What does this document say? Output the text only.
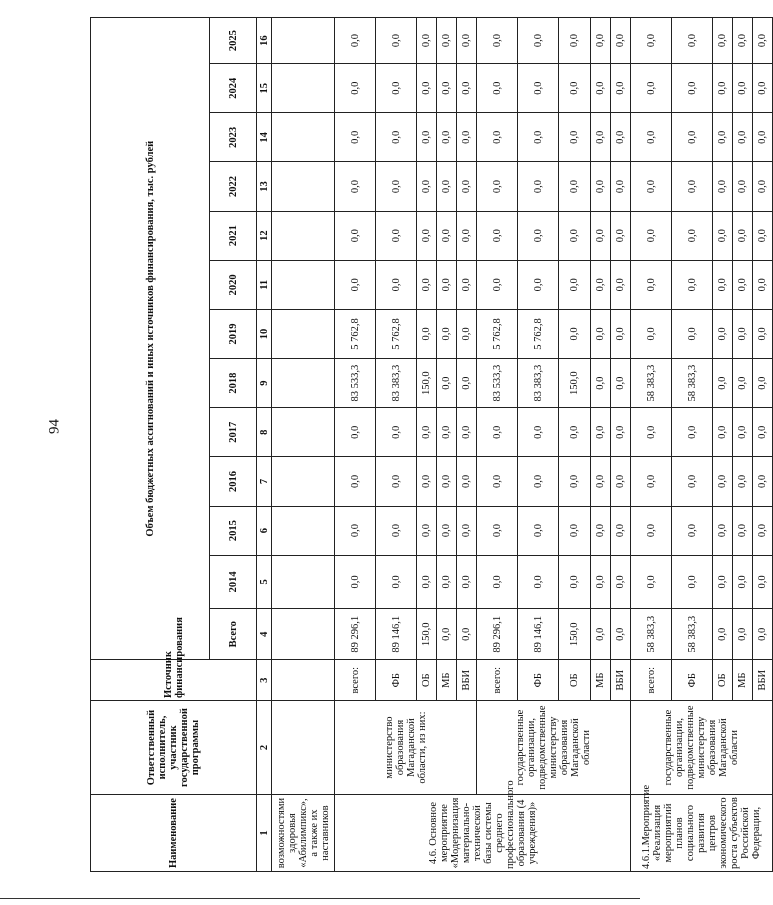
94
Наименование	Ответственный исполнитель, участник государственной программы	Источник финансирования	Объем бюджетных ассигнований и иных источников финансирования, тыс. рублей												
			Всего	2014	2015	2016	2017	2018	2019	2020	2021	2022	2023	2024	2025
1	2	3	4	5	6	7	8	9	10	11	12	13	14	15	16
возможностями здоровья «Абилимпикс», а также их наставников															
4.6. Основное мероприятие «Модернизация материально-технической базы системы среднего профессионального образования (4 учреждения)»	министерство образования Магаданской области, из них:	всего:	89 296,1	0,0	0,0	0,0	0,0	83 533,3	5 762,8	0,0	0,0	0,0	0,0	0,0	0,0
		ФБ	89 146,1	0,0	0,0	0,0	0,0	83 383,3	5 762,8	0,0	0,0	0,0	0,0	0,0	0,0
		ОБ	150,0	0,0	0,0	0,0	0,0	150,0	0,0	0,0	0,0	0,0	0,0	0,0	0,0
		МБ	0,0	0,0	0,0	0,0	0,0	0,0	0,0	0,0	0,0	0,0	0,0	0,0	0,0
		ВБИ	0,0	0,0	0,0	0,0	0,0	0,0	0,0	0,0	0,0	0,0	0,0	0,0	0,0
	государственные организации, подведомственные министерству образования Магаданской области	всего:	89 296,1	0,0	0,0	0,0	0,0	83 533,3	5 762,8	0,0	0,0	0,0	0,0	0,0	0,0
		ФБ	89 146,1	0,0	0,0	0,0	0,0	83 383,3	5 762,8	0,0	0,0	0,0	0,0	0,0	0,0
		ОБ	150,0	0,0	0,0	0,0	0,0	150,0	0,0	0,0	0,0	0,0	0,0	0,0	0,0
		МБ	0,0	0,0	0,0	0,0	0,0	0,0	0,0	0,0	0,0	0,0	0,0	0,0	0,0
		ВБИ	0,0	0,0	0,0	0,0	0,0	0,0	0,0	0,0	0,0	0,0	0,0	0,0	0,0
4.6.1.Мероприятие «Реализация мероприятий планов социального развития центров экономического роста субъектов Российской Федерации,	государственные организации, подведомственные министерству образования Магаданской области	всего:	58 383,3	0,0	0,0	0,0	0,0	58 383,3	0,0	0,0	0,0	0,0	0,0	0,0	0,0
		ФБ	58 383,3	0,0	0,0	0,0	0,0	58 383,3	0,0	0,0	0,0	0,0	0,0	0,0	0,0
		ОБ	0,0	0,0	0,0	0,0	0,0	0,0	0,0	0,0	0,0	0,0	0,0	0,0	0,0
		МБ	0,0	0,0	0,0	0,0	0,0	0,0	0,0	0,0	0,0	0,0	0,0	0,0	0,0
		ВБИ	0,0	0,0	0,0	0,0	0,0	0,0	0,0	0,0	0,0	0,0	0,0	0,0	0,0
